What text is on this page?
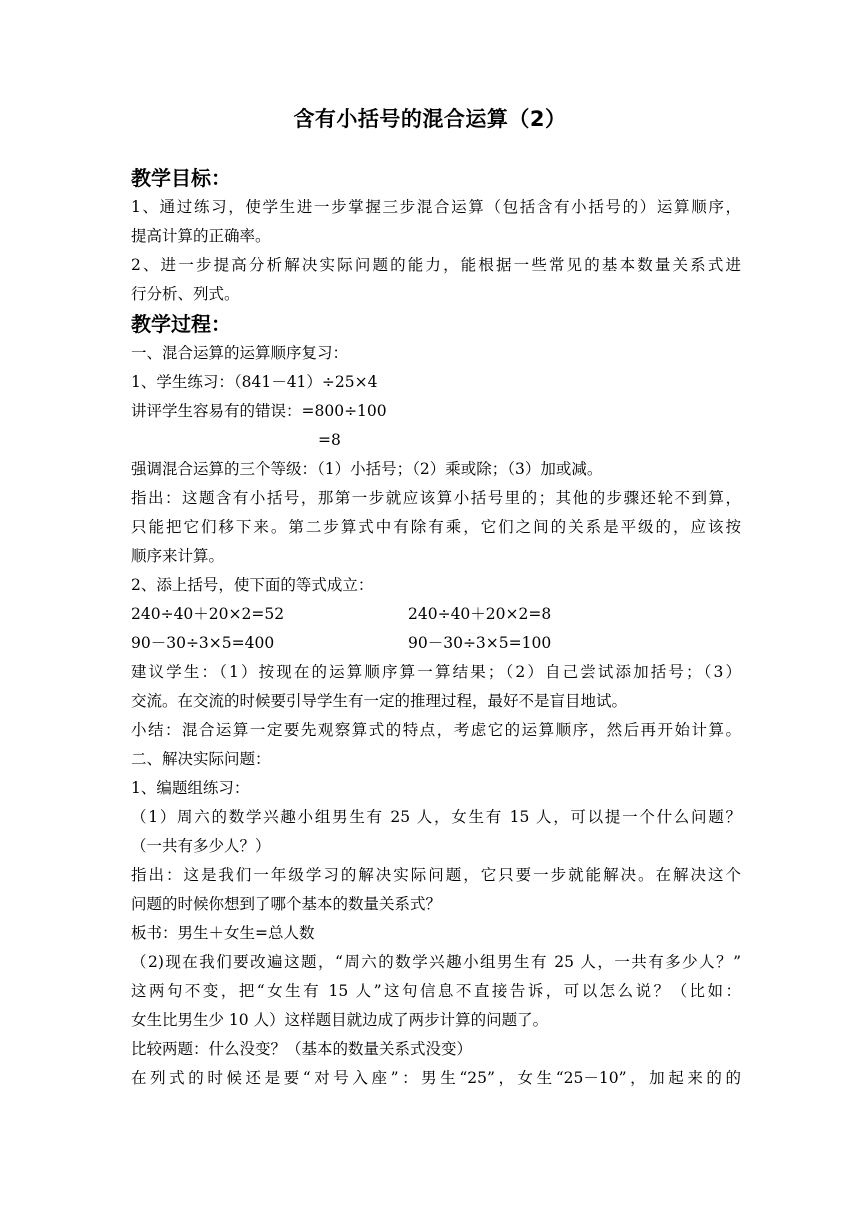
含有小括号的混合运算（2）
教学目标：
1、通过练习，使学生进一步掌握三步混合运算（包括含有小括号的）运算顺序，
提高计算的正确率。
2、进一步提高分析解决实际问题的能力，能根据一些常见的基本数量关系式进
行分析、列式。
教学过程：
一、混合运算的运算顺序复习：
1、学生练习：（841－41）÷25×4
讲评学生容易有的错误：=800÷100
=8
强调混合运算的三个等级：（1）小括号；（2）乘或除；（3）加或减。
指出：这题含有小括号，那第一步就应该算小括号里的；其他的步骤还轮不到算，
只能把它们移下来。第二步算式中有除有乘，它们之间的关系是平级的，应该按
顺序来计算。
2、添上括号，使下面的等式成立：
240÷40＋20×2=52	240÷40＋20×2=8
90－30÷3×5=400	90－30÷3×5=100
建议学生：（1）按现在的运算顺序算一算结果；（2）自己尝试添加括号；（3）
交流。在交流的时候要引导学生有一定的推理过程，最好不是盲目地试。
小结：混合运算一定要先观察算式的特点，考虑它的运算顺序，然后再开始计算。
二、解决实际问题：
1、编题组练习：
（1）周六的数学兴趣小组男生有 25 人，女生有 15 人，可以提一个什么问题？
（一共有多少人？）
指出：这是我们一年级学习的解决实际问题，它只要一步就能解决。在解决这个
问题的时候你想到了哪个基本的数量关系式？
板书：男生＋女生=总人数
（2)现在我们要改遍这题，“周六的数学兴趣小组男生有 25 人，一共有多少人？”
这两句不变，把“女生有 15 人”这句信息不直接告诉，可以怎么说？（比如：
女生比男生少 10 人）这样题目就边成了两步计算的问题了。
比较两题：什么没变？（基本的数量关系式没变）
在列式的时候还是要“对号入座”：男生“25”，女生“25－10”，加起来的的
